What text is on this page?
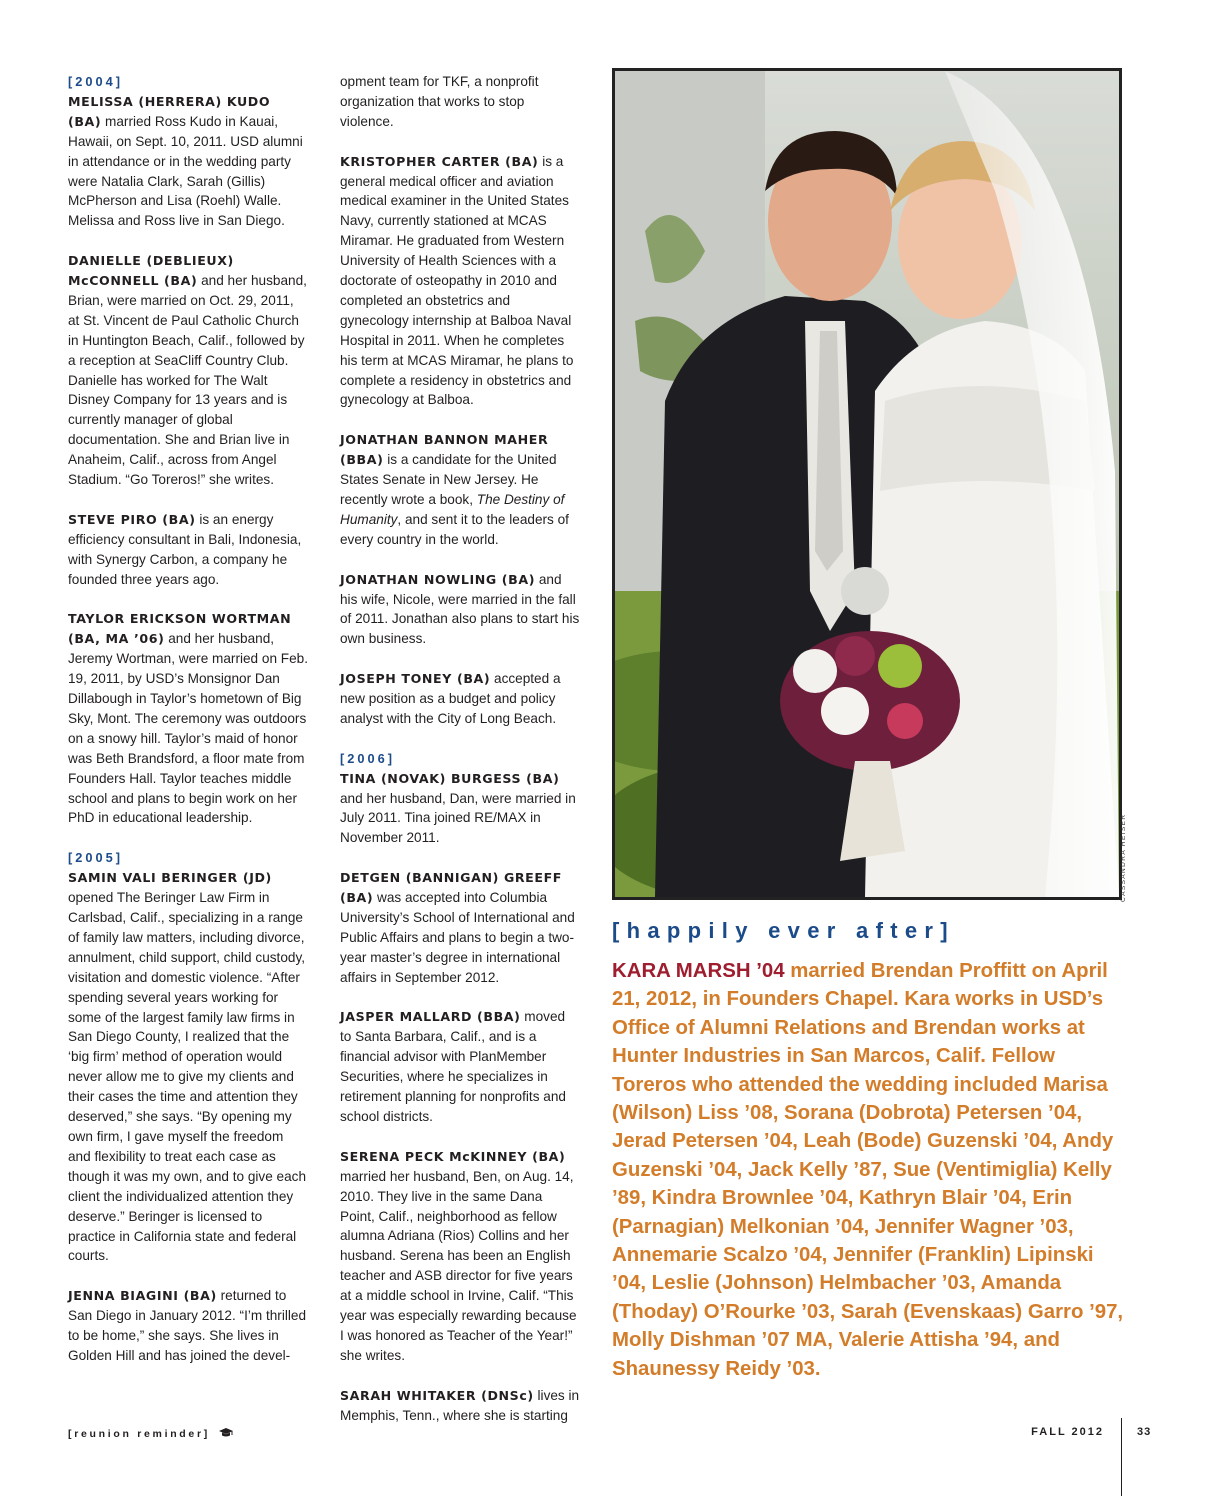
[2004]
MELISSA (HERRERA) KUDO (BA) married Ross Kudo in Kauai, Hawaii, on Sept. 10, 2011. USD alumni in attendance or in the wedding party were Natalia Clark, Sarah (Gillis) McPherson and Lisa (Roehl) Walle. Melissa and Ross live in San Diego.
DANIELLE (DEBLIEUX) McCONNELL (BA) and her husband, Brian, were married on Oct. 29, 2011, at St. Vincent de Paul Catholic Church in Huntington Beach, Calif., followed by a reception at SeaCliff Country Club. Danielle has worked for The Walt Disney Company for 13 years and is currently manager of global documentation. She and Brian live in Anaheim, Calif., across from Angel Stadium. “Go Toreros!” she writes.
STEVE PIRO (BA) is an energy efficiency consultant in Bali, Indonesia, with Synergy Carbon, a company he founded three years ago.
TAYLOR ERICKSON WORTMAN (BA, MA ’06) and her husband, Jeremy Wortman, were married on Feb. 19, 2011, by USD’s Monsignor Dan Dillabough in Taylor’s hometown of Big Sky, Mont. The ceremony was outdoors on a snowy hill. Taylor’s maid of honor was Beth Brandsford, a floor mate from Founders Hall. Taylor teaches middle school and plans to begin work on her PhD in educational leadership.
[2005]
SAMIN VALI BERINGER (JD) opened The Beringer Law Firm in Carlsbad, Calif., specializing in a range of family law matters, including divorce, annulment, child support, child custody, visitation and domestic violence. “After spending several years working for some of the largest family law firms in San Diego County, I realized that the ‘big firm’ method of operation would never allow me to give my clients and their cases the time and attention they deserved,” she says. “By opening my own firm, I gave myself the freedom and flexibility to treat each case as though it was my own, and to give each client the individualized attention they deserve.” Beringer is licensed to practice in California state and federal courts.
JENNA BIAGINI (BA) returned to San Diego in January 2012. “I’m thrilled to be home,” she says. She lives in Golden Hill and has joined the devel-
opment team for TKF, a nonprofit organization that works to stop violence.
KRISTOPHER CARTER (BA) is a general medical officer and aviation medical examiner in the United States Navy, currently stationed at MCAS Miramar. He graduated from Western University of Health Sciences with a doctorate of osteopathy in 2010 and completed an obstetrics and gynecology internship at Balboa Naval Hospital in 2011. When he completes his term at MCAS Miramar, he plans to complete a residency in obstetrics and gynecology at Balboa.
JONATHAN BANNON MAHER (BBA) is a candidate for the United States Senate in New Jersey. He recently wrote a book, The Destiny of Humanity, and sent it to the leaders of every country in the world.
JONATHAN NOWLING (BA) and his wife, Nicole, were married in the fall of 2011. Jonathan also plans to start his own business.
JOSEPH TONEY (BA) accepted a new position as a budget and policy analyst with the City of Long Beach.
[2006]
TINA (NOVAK) BURGESS (BA) and her husband, Dan, were married in July 2011. Tina joined RE/MAX in November 2011.
DETGEN (BANNIGAN) GREEFF (BA) was accepted into Columbia University’s School of International and Public Affairs and plans to begin a two-year master’s degree in international affairs in September 2012.
JASPER MALLARD (BBA) moved to Santa Barbara, Calif., and is a financial advisor with PlanMember Securities, where he specializes in retirement planning for nonprofits and school districts.
SERENA PECK McKINNEY (BA) married her husband, Ben, on Aug. 14, 2010. They live in the same Dana Point, Calif., neighborhood as fellow alumna Adriana (Rios) Collins and her husband. Serena has been an English teacher and ASB director for five years at a middle school in Irvine, Calif. “This year was especially rewarding because I was honored as Teacher of the Year!” she writes.
SARAH WHITAKER (DNSc) lives in Memphis, Tenn., where she is starting
CASSANDRA HEISER
[happily ever after]
KARA MARSH ’04 married Brendan Proffitt on April 21, 2012, in Founders Chapel. Kara works in USD’s Office of Alumni Relations and Brendan works at Hunter Industries in San Marcos, Calif. Fellow Toreros who attended the wedding included Marisa (Wilson) Liss ’08, Sorana (Dobrota) Petersen ’04, Jerad Petersen ’04, Leah (Bode) Guzenski ’04, Andy Guzenski ’04, Jack Kelly ’87, Sue (Ventimiglia) Kelly ’89, Kindra Brownlee ’04, Kathryn Blair ’04, Erin (Parnagian) Melkonian ’04, Jennifer Wagner ’03, Annemarie Scalzo ’04, Jennifer (Franklin) Lipinski ’04, Leslie (Johnson) Helmbacher ’03, Amanda (Thoday) O’Rourke ’03, Sarah (Evenskaas) Garro ’97, Molly Dishman ’07 MA, Valerie Attisha ’94, and Shaunessy Reidy ’03.
[reunion reminder]	FALL 2012	33
